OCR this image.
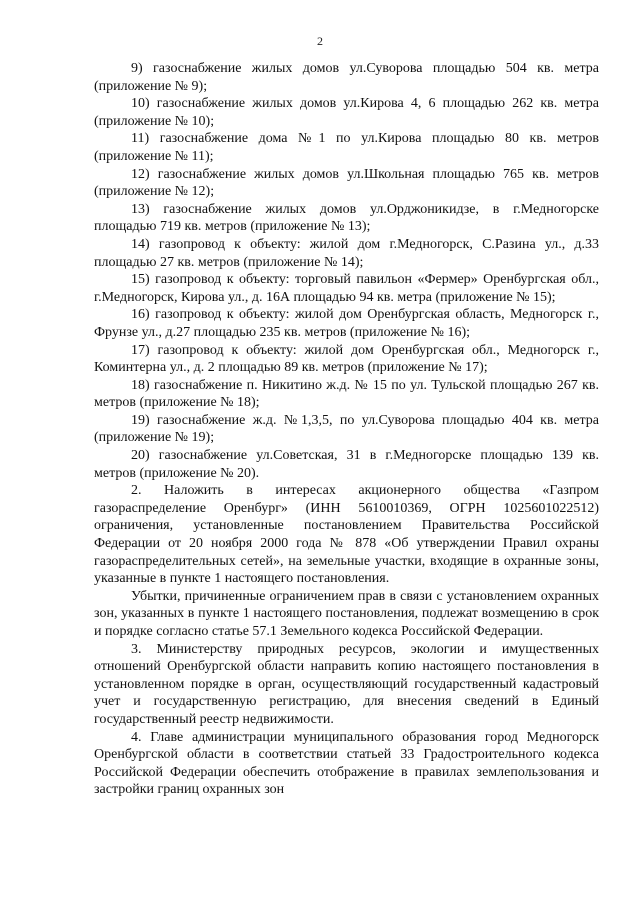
2

9) газоснабжение жилых домов ул.Суворова площадью 504 кв. метра (приложение № 9);

10) газоснабжение жилых домов ул.Кирова 4, 6 площадью 262 кв. метра (приложение № 10);

11) газоснабжение дома №1 по ул.Кирова площадью 80 кв. метров (приложение № 11);

12) газоснабжение жилых домов ул.Школьная площадью 765 кв. метров (приложение № 12);

13) газоснабжение жилых домов ул.Орджоникидзе, в г.Медногорске площадью 719 кв. метров (приложение № 13);

14) газопровод к объекту: жилой дом г.Медногорск, С.Разина ул., д.33 площадью 27 кв. метров (приложение № 14);

15) газопровод к объекту: торговый павильон «Фермер» Оренбургская обл., г.Медногорск, Кирова ул., д. 16А площадью 94 кв. метра (приложение № 15);

16) газопровод к объекту: жилой дом Оренбургская область, Медногорск г., Фрунзе ул., д.27 площадью 235 кв. метров (приложение № 16);

17) газопровод к объекту: жилой дом Оренбургская обл., Медногорск г., Коминтерна ул., д. 2 площадью 89 кв. метров (приложение № 17);

18) газоснабжение п. Никитино ж.д. № 15 по ул. Тульской площадью 267 кв. метров (приложение № 18);

19) газоснабжение ж.д. №1,3,5, по ул.Суворова площадью 404 кв. метра (приложение № 19);

20) газоснабжение ул.Советская, 31 в г.Медногорске площадью 139 кв. метров (приложение № 20).

2. Наложить в интересах акционерного общества «Газпром газораспределение Оренбург» (ИНН 5610010369, ОГРН 1025601022512) ограничения, установленные постановлением Правительства Российской Федерации от 20 ноября 2000 года № 878 «Об утверждении Правил охраны газораспределительных сетей», на земельные участки, входящие в охранные зоны, указанные в пункте 1 настоящего постановления.

Убытки, причиненные ограничением прав в связи с установлением охранных зон, указанных в пункте 1 настоящего постановления, подлежат возмещению в срок и порядке согласно статье 57.1 Земельного кодекса Российской Федерации.

3. Министерству природных ресурсов, экологии и имущественных отношений Оренбургской области направить копию настоящего постановления в установленном порядке в орган, осуществляющий государственный кадастровый учет и государственную регистрацию, для внесения сведений в Единый государственный реестр недвижимости.

4. Главе администрации муниципального образования город Медногорск Оренбургской области в соответствии статьей 33 Градостроительного кодекса Российской Федерации обеспечить отображение в правилах землепользования и застройки границ охранных зон
